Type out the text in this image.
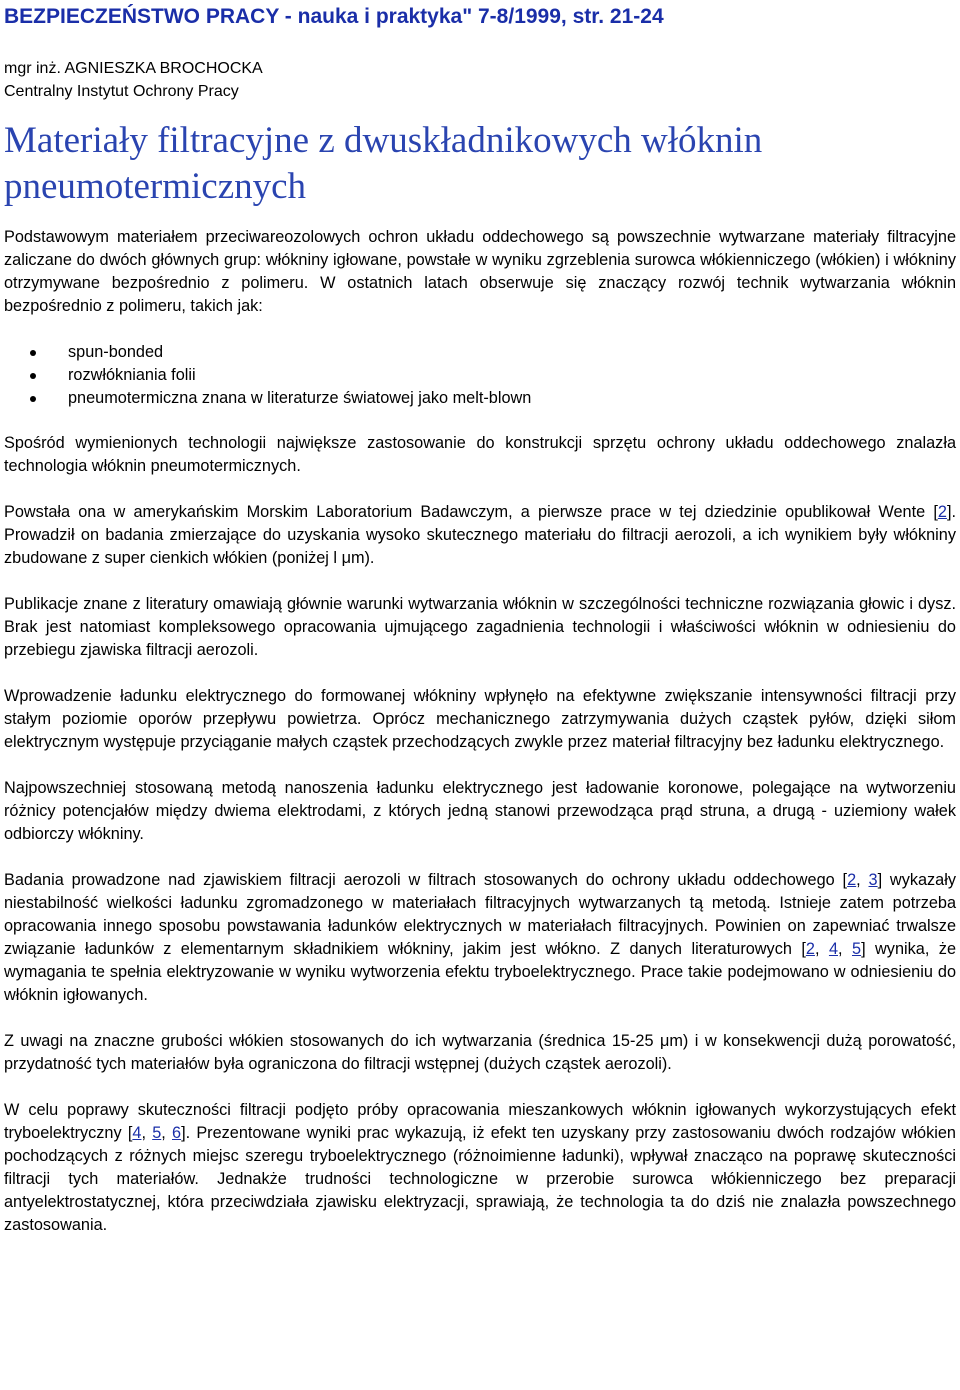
BEZPIECZEŃSTWO PRACY - nauka i praktyka" 7-8/1999, str. 21-24
mgr inż. AGNIESZKA BROCHOCKA
Centralny Instytut Ochrony Pracy
Materiały filtracyjne z dwuskładnikowych włóknin pneumotermicznych

Podstawowym materiałem przeciwareozolowych ochron układu oddechowego są powszechnie wytwarzane materiały filtracyjne zaliczane do dwóch głównych grup: włókniny igłowane, powstałe w wyniku zgrzeblenia surowca włókienniczego (włókien) i włókniny otrzymywane bezpośrednio z polimeru. W ostatnich latach obserwuje się znaczący rozwój technik wytwarzania włóknin bezpośrednio z polimeru, takich jak:

spun-bonded
rozwłókniania folii
pneumotermiczna znana w literaturze światowej jako melt-blown

Spośród wymienionych technologii największe zastosowanie do konstrukcji sprzętu ochrony układu oddechowego znalazła technologia włóknin pneumotermicznych.

Powstała ona w amerykańskim Morskim Laboratorium Badawczym, a pierwsze prace w tej dziedzinie opublikował Wente [2]. Prowadził on badania zmierzające do uzyskania wysoko skutecznego materiału do filtracji aerozoli, a ich wynikiem były włókniny zbudowane z super cienkich włókien (poniżej l μm).

Publikacje znane z literatury omawiają głównie warunki wytwarzania włóknin w szczególności techniczne rozwiązania głowic i dysz. Brak jest natomiast kompleksowego opracowania ujmującego zagadnienia technologii i właściwości włóknin w odniesieniu do przebiegu zjawiska filtracji aerozoli.

Wprowadzenie ładunku elektrycznego do formowanej włókniny wpłynęło na efektywne zwiększanie intensywności filtracji przy stałym poziomie oporów przepływu powietrza. Oprócz mechanicznego zatrzymywania dużych cząstek pyłów, dzięki siłom elektrycznym występuje przyciąganie małych cząstek przechodzących zwykle przez materiał filtracyjny bez ładunku elektrycznego.

Najpowszechniej stosowaną metodą nanoszenia ładunku elektrycznego jest ładowanie koronowe, polegające na wytworzeniu różnicy potencjałów między dwiema elektrodami, z których jedną stanowi przewodząca prąd struna, a drugą - uziemiony wałek odbiorczy włókniny.

Badania prowadzone nad zjawiskiem filtracji aerozoli w filtrach stosowanych do ochrony układu oddechowego [2, 3] wykazały niestabilność wielkości ładunku zgromadzonego w materiałach filtracyjnych wytwarzanych tą metodą. Istnieje zatem potrzeba opracowania innego sposobu powstawania ładunków elektrycznych w materiałach filtracyjnych. Powinien on zapewniać trwalsze związanie ładunków z elementarnym składnikiem włókniny, jakim jest włókno. Z danych literaturowych [2, 4, 5] wynika, że wymagania te spełnia elektryzowanie w wyniku wytworzenia efektu tryboelektrycznego. Prace takie podejmowano w odniesieniu do włóknin igłowanych.

Z uwagi na znaczne grubości włókien stosowanych do ich wytwarzania (średnica 15-25 μm) i w konsekwencji dużą porowatość, przydatność tych materiałów była ograniczona do filtracji wstępnej (dużych cząstek aerozoli).

W celu poprawy skuteczności filtracji podjęto próby opracowania mieszankowych włóknin igłowanych wykorzystujących efekt tryboelektryczny [4, 5, 6]. Prezentowane wyniki prac wykazują, iż efekt ten uzyskany przy zastosowaniu dwóch rodzajów włókien pochodzących z różnych miejsc szeregu tryboelektrycznego (różnoimienne ładunki), wpływał znacząco na poprawę skuteczności filtracji tych materiałów. Jednakże trudności technologiczne w przerobie surowca włókienniczego bez preparacji antyelektrostatycznej, która przeciwdziała zjawisku elektryzacji, sprawiają, że technologia ta do dziś nie znalazła powszechnego zastosowania.
